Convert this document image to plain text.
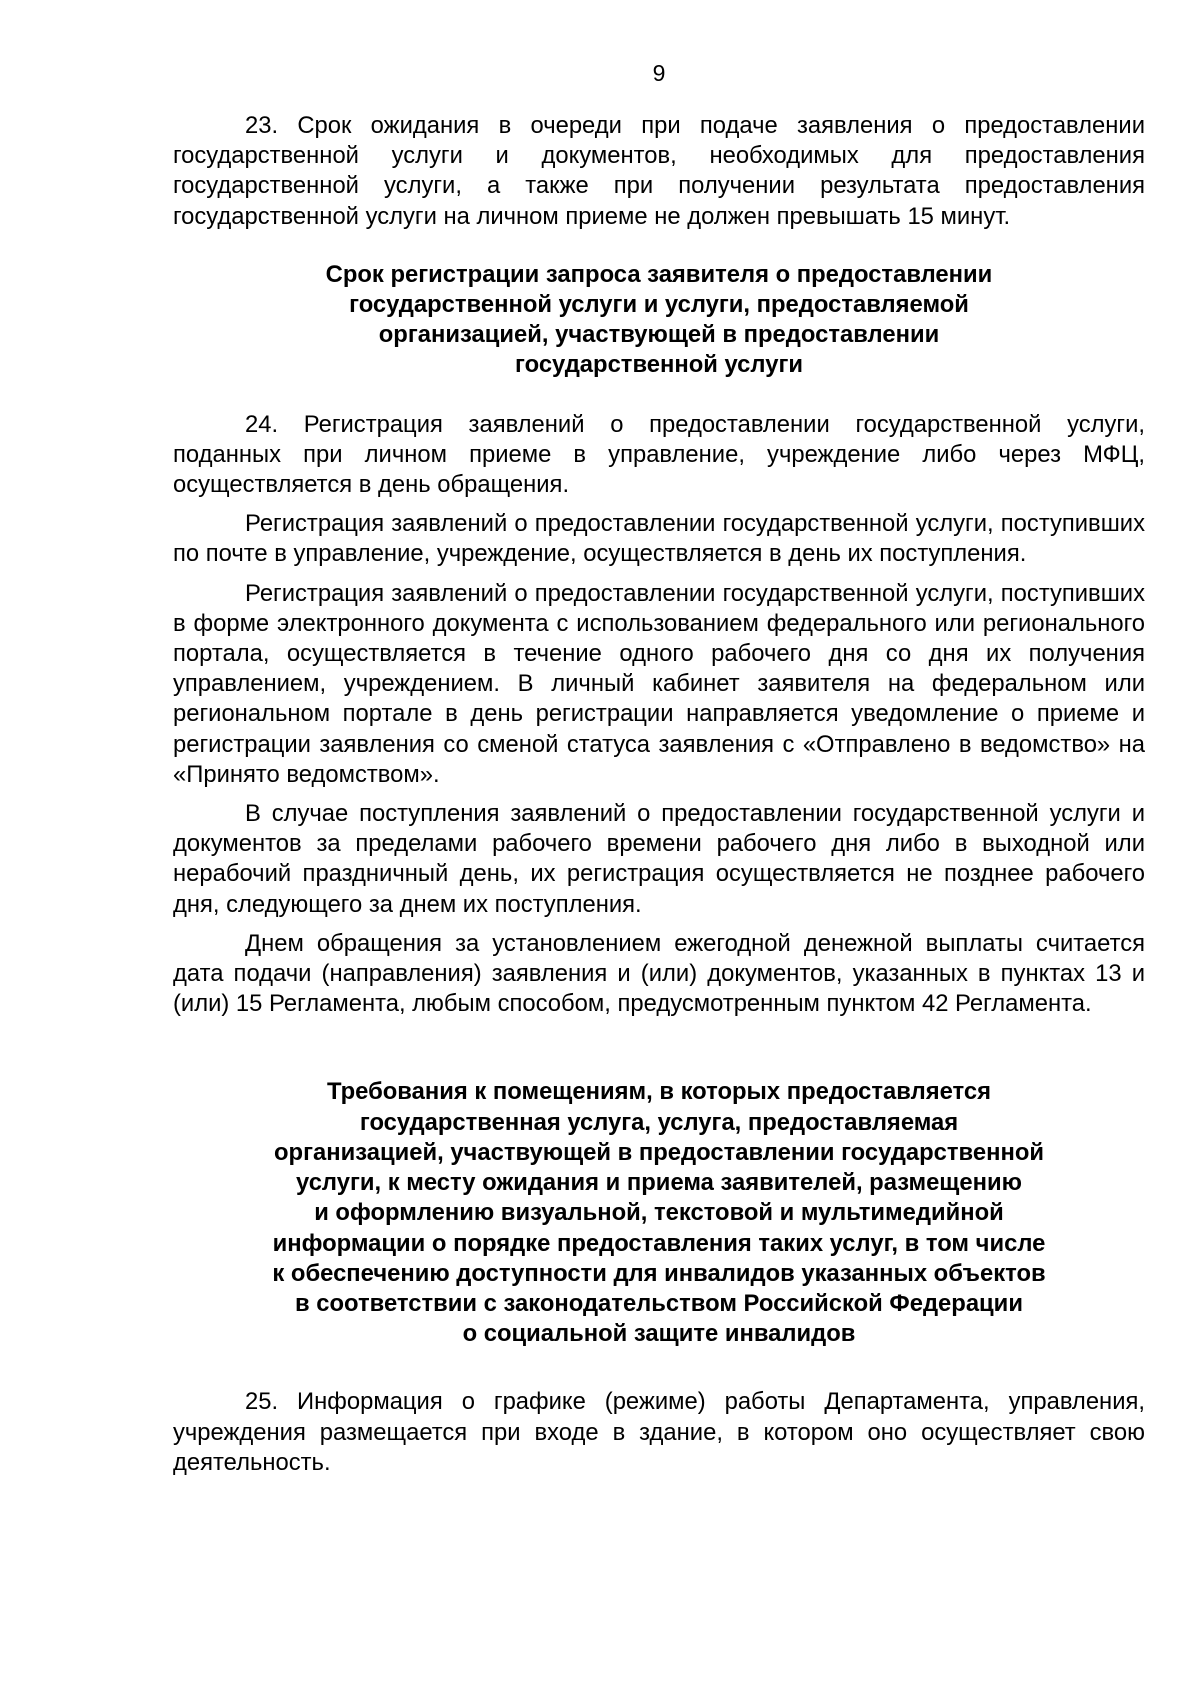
9

23. Срок ожидания в очереди при подаче заявления о предоставлении государственной услуги и документов, необходимых для предоставления государственной услуги, а также при получении результата предоставления государственной услуги на личном приеме не должен превышать 15 минут.

Срок регистрации запроса заявителя о предоставлении
государственной услуги и услуги, предоставляемой
организацией, участвующей в предоставлении
государственной услуги

24. Регистрация заявлений о предоставлении государственной услуги, поданных при личном приеме в управление, учреждение либо через МФЦ, осуществляется в день обращения.

Регистрация заявлений о предоставлении государственной услуги, поступивших по почте в управление, учреждение, осуществляется в день их поступления.

Регистрация заявлений о предоставлении государственной услуги, поступивших в форме электронного документа с использованием федерального или регионального портала, осуществляется в течение одного рабочего дня со дня их получения управлением, учреждением. В личный кабинет заявителя на федеральном или региональном портале в день регистрации направляется уведомление о приеме и регистрации заявления со сменой статуса заявления с «Отправлено в ведомство» на «Принято ведомством».

В случае поступления заявлений о предоставлении государственной услуги и документов за пределами рабочего времени рабочего дня либо в выходной или нерабочий праздничный день, их регистрация осуществляется не позднее рабочего дня, следующего за днем их поступления.

Днем обращения за установлением ежегодной денежной выплаты считается дата подачи (направления) заявления и (или) документов, указанных в пунктах 13 и (или) 15 Регламента, любым способом, предусмотренным пунктом 42 Регламента.

Требования к помещениям, в которых предоставляется
государственная услуга, услуга, предоставляемая
организацией, участвующей в предоставлении государственной
услуги, к месту ожидания и приема заявителей, размещению
и оформлению визуальной, текстовой и мультимедийной
информации о порядке предоставления таких услуг, в том числе
к обеспечению доступности для инвалидов указанных объектов
в соответствии с законодательством Российской Федерации
о социальной защите инвалидов

25. Информация о графике (режиме) работы Департамента, управления, учреждения размещается при входе в здание, в котором оно осуществляет свою деятельность.
